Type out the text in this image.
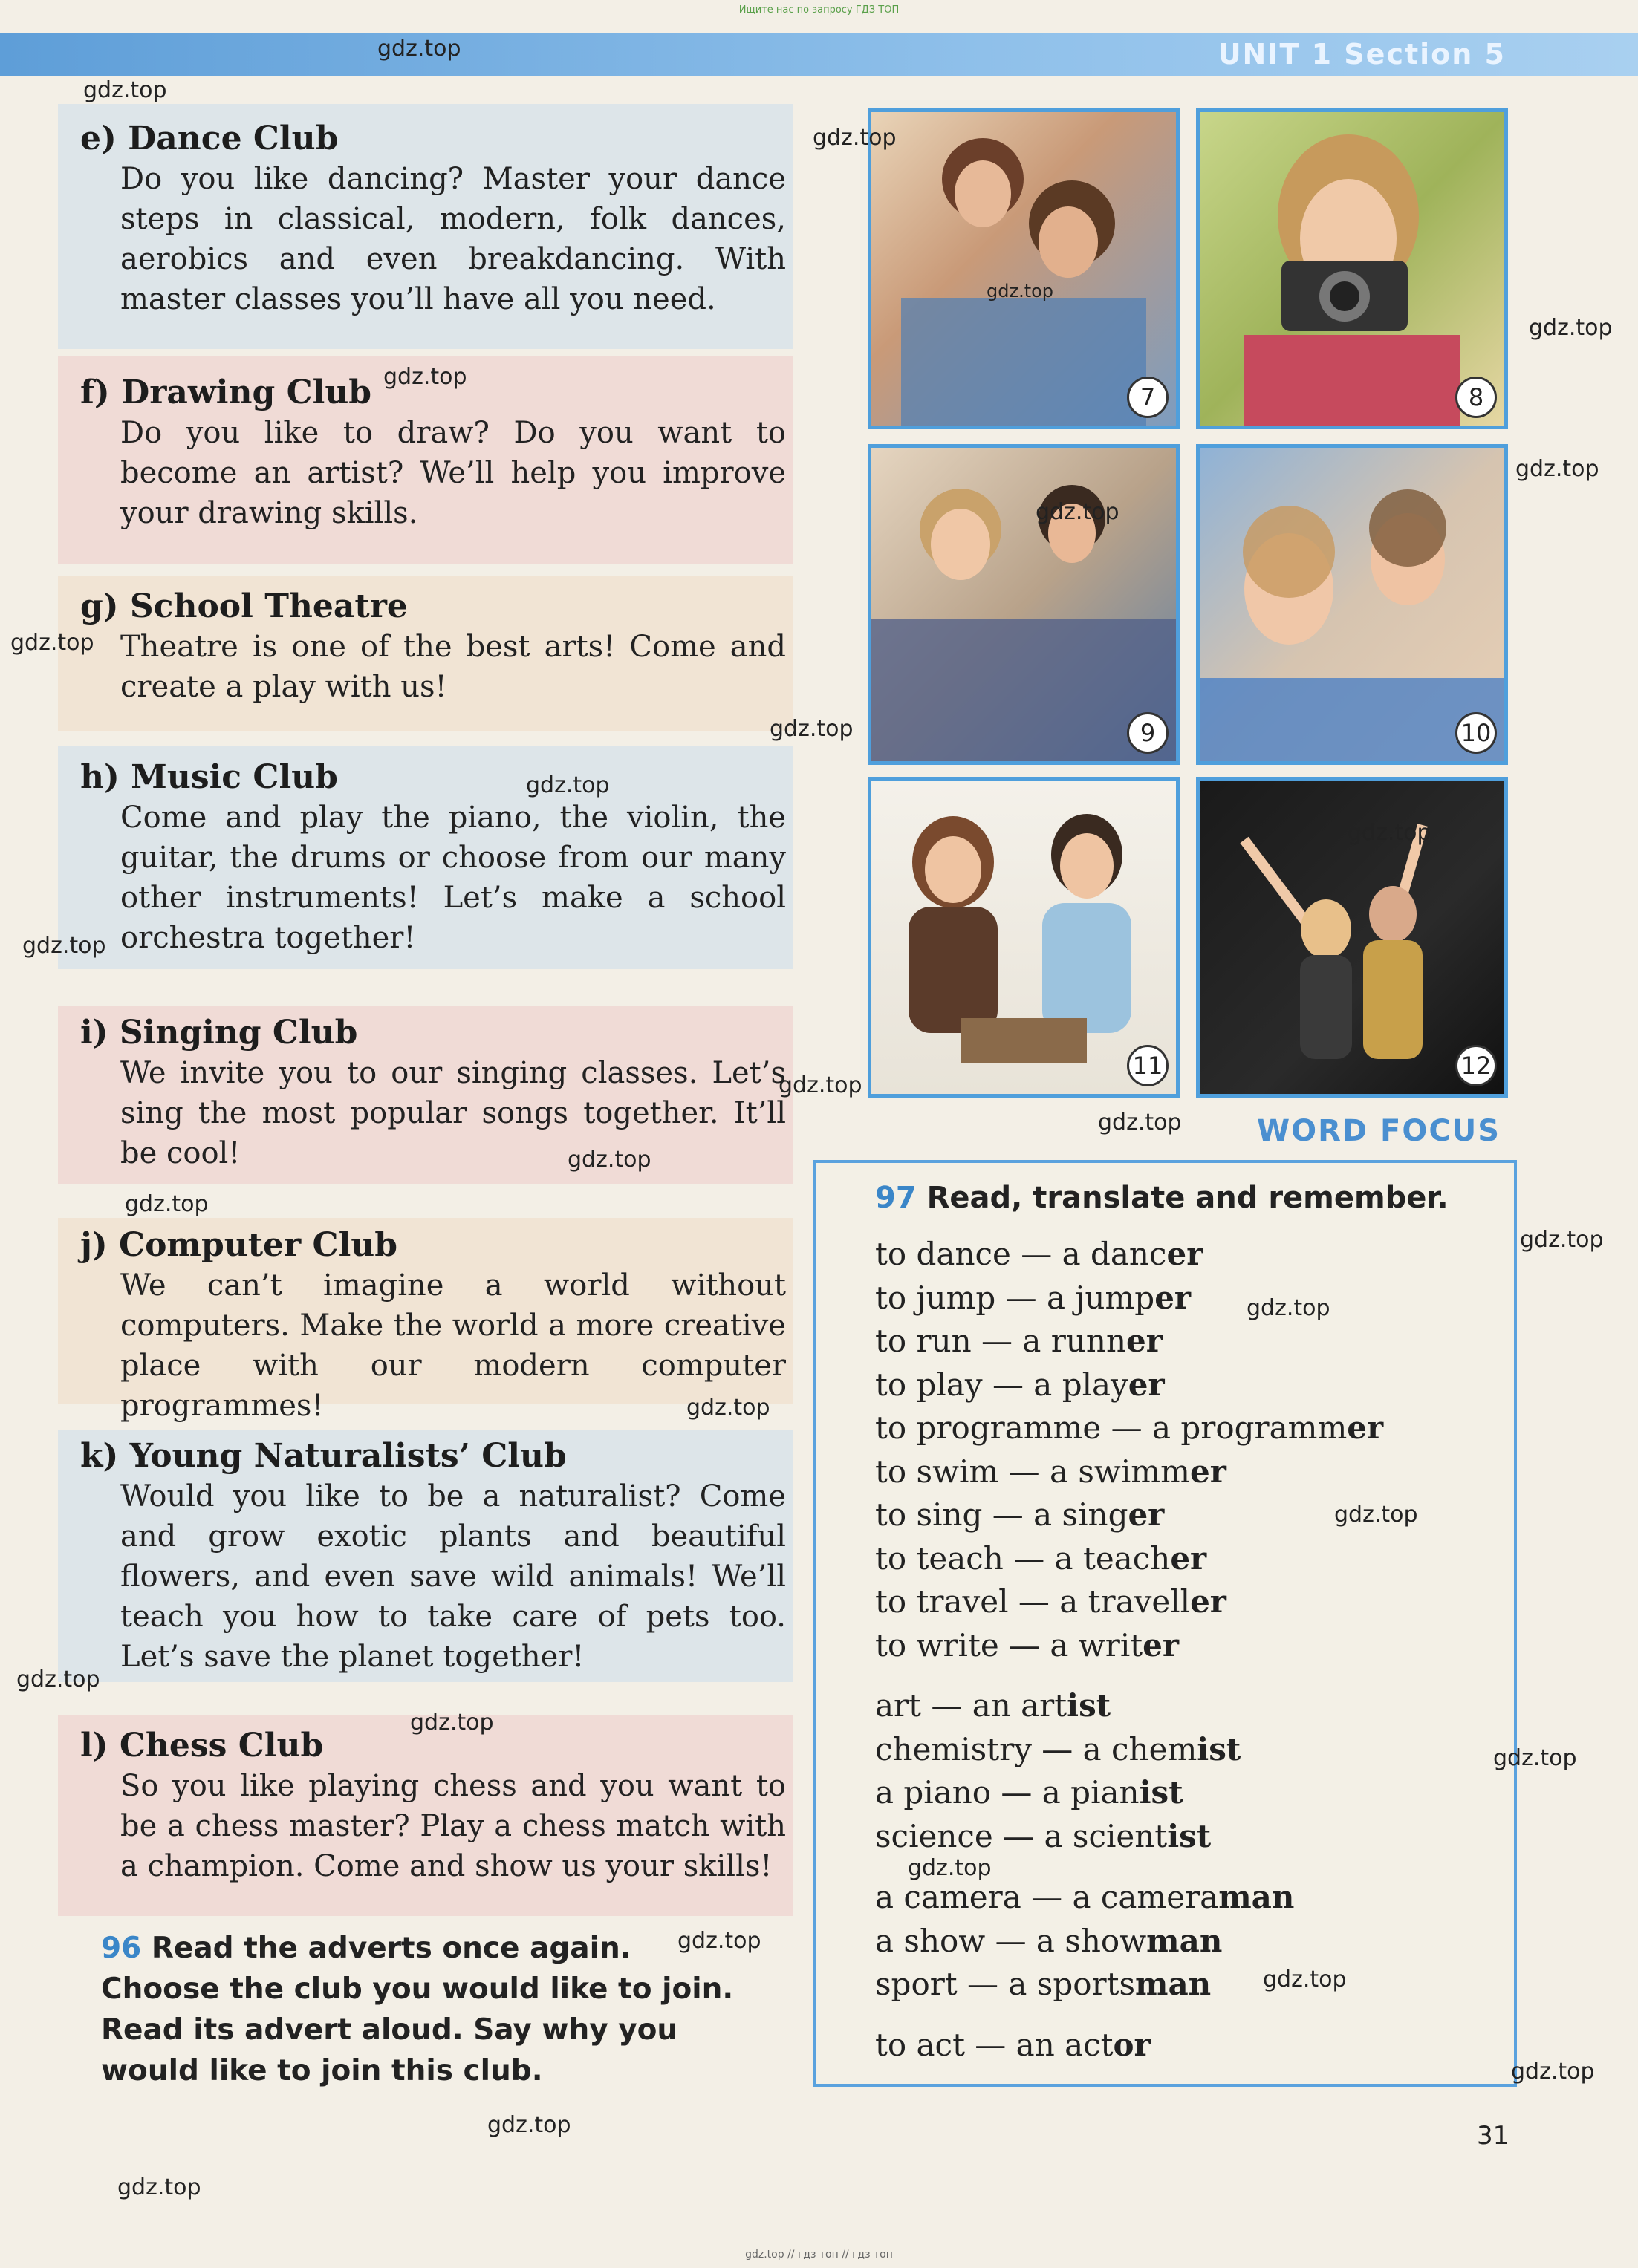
Ищите нас по запросу ГДЗ ТОП
UNIT 1 Section 5
e) Dance Club
Do you like dancing? Master your dance steps in classical, modern, folk dances, aerobics and even breakdancing. With master classes you’ll have all you need.
f) Drawing Club
Do you like to draw? Do you want to become an artist? We’ll help you improve your drawing skills.
g) School Theatre
Theatre is one of the best arts! Come and create a play with us!
h) Music Club
Come and play the piano, the violin, the guitar, the drums or choose from our many other instruments! Let’s make a school orchestra together!
i) Singing Club
We invite you to our singing classes. Let’s sing the most popular songs together. It’ll be cool!
j) Computer Club
We can’t imagine a world without computers. Make the world a more creative place with our modern computer programmes!
k) Young Naturalists’ Club
Would you like to be a naturalist? Come and grow exotic plants and beautiful flowers, and even save wild animals! We’ll teach you how to take care of pets too. Let’s save the planet together!
l) Chess Club
So you like playing chess and you want to be a chess master? Play a chess match with a champion. Come and show us your skills!
96 Read the adverts once again.
Choose the club you would like to join.
Read its advert aloud. Say why you
would like to join this club.
7	8
9	10
11	12
WORD FOCUS
97 Read, translate and remember.
to dance — a dancer
to jump — a jumper
to run — a runner
to play — a player
to programme — a programmer
to swim — a swimmer
to sing — a singer
to teach — a teacher
to travel — a traveller
to write — a writer
art — an artist
chemistry — a chemist
a piano — a pianist
science — a scientist
a camera — a cameraman
a show — a showman
sport — a sportsman
to act — an actor
gdz.top
gdz.top
gdz.top
gdz.top
gdz.top
gdz.top
gdz.top
gdz.top
gdz.top
gdz.top
gdz.top
gdz.top
gdz.top
gdz.top
gdz.top
gdz.top
gdz.top
gdz.top
gdz.top
gdz.top
gdz.top
gdz.top
gdz.top
gdz.top
gdz.top
gdz.top
gdz.top
gdz.top
gdz.top
gdz.top
31
gdz.top // гдз топ // гдз топ
